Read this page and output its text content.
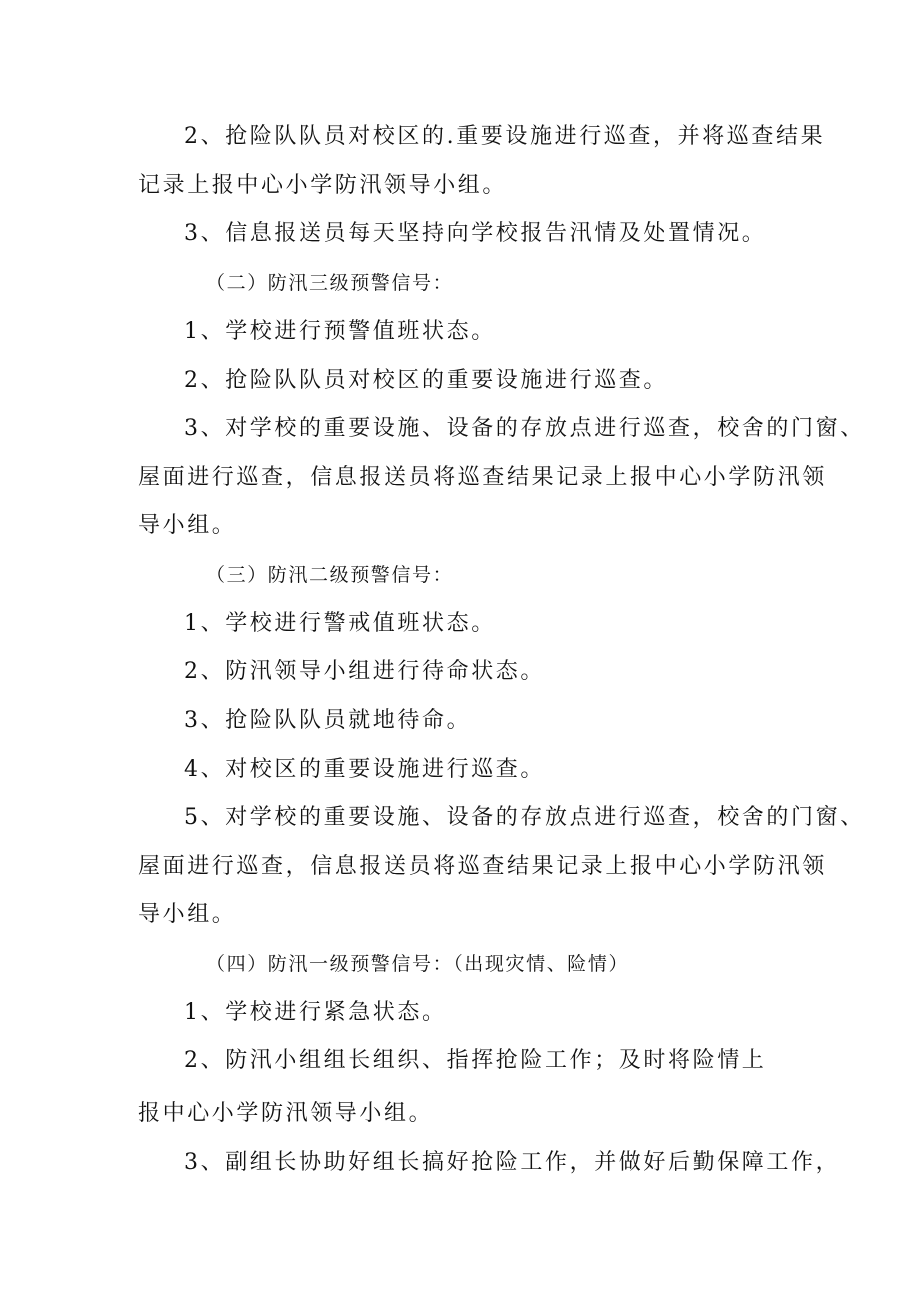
2、抢险队队员对校区的.重要设施进行巡查，并将巡查结果
记录上报中心小学防汛领导小组。
3、信息报送员每天坚持向学校报告汛情及处置情况。
（二）防汛三级预警信号：
1、学校进行预警值班状态。
2、抢险队队员对校区的重要设施进行巡查。
3、对学校的重要设施、设备的存放点进行巡查，校舍的门窗、
屋面进行巡查，信息报送员将巡查结果记录上报中心小学防汛领
导小组。
（三）防汛二级预警信号：
1、学校进行警戒值班状态。
2、防汛领导小组进行待命状态。
3、抢险队队员就地待命。
4、对校区的重要设施进行巡查。
5、对学校的重要设施、设备的存放点进行巡查，校舍的门窗、
屋面进行巡查，信息报送员将巡查结果记录上报中心小学防汛领
导小组。
（四）防汛一级预警信号：（出现灾情、险情）
1、学校进行紧急状态。
2、防汛小组组长组织、指挥抢险工作；及时将险情上
报中心小学防汛领导小组。
3、副组长协助好组长搞好抢险工作，并做好后勤保障工作，
